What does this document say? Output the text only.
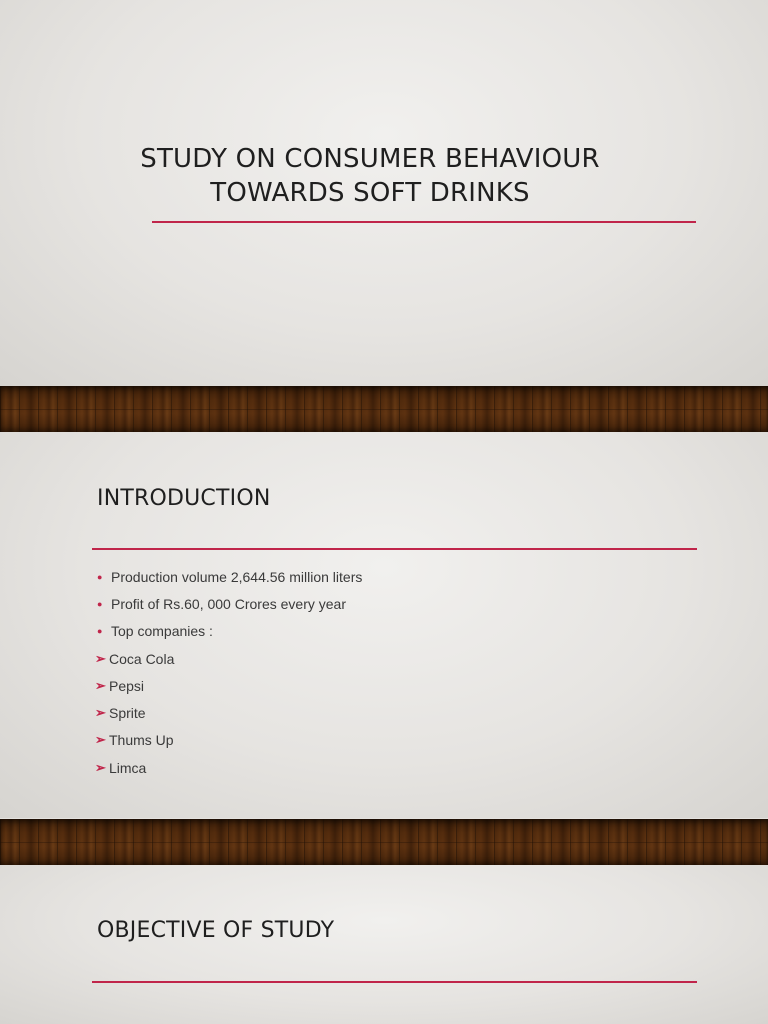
STUDY ON CONSUMER BEHAVIOUR
TOWARDS SOFT DRINKS
INTRODUCTION
● Production volume 2,644.56 million liters
● Profit of Rs.60, 000 Crores every year
● Top companies :
➢ Coca Cola
➢ Pepsi
➢ Sprite
➢ Thums Up
➢ Limca
OBJECTIVE OF STUDY
